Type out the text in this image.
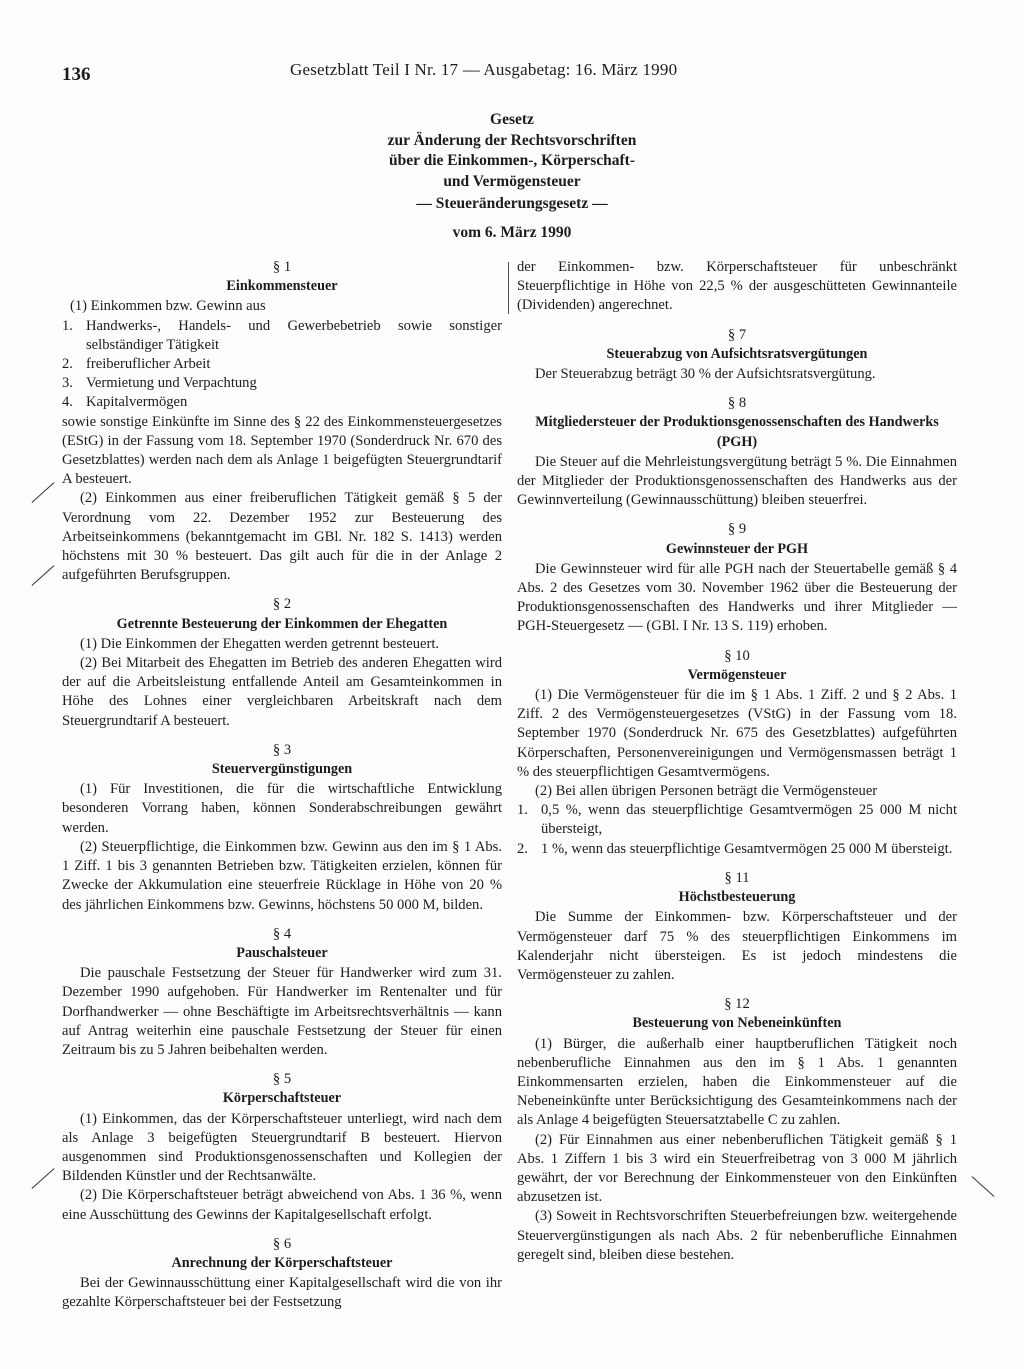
136	Gesetzblatt Teil I Nr. 17 — Ausgabetag: 16. März 1990
Gesetz
zur Änderung der Rechtsvorschriften
über die Einkommen-, Körperschaft-
und Vermögensteuer
— Steueränderungsgesetz —
vom 6. März 1990
§ 1
Einkommensteuer

(1) Einkommen bzw. Gewinn aus

1. Handwerks-, Handels- und Gewerbebetrieb sowie sonstiger selbständiger Tätigkeit
2. freiberuflicher Arbeit
3. Vermietung und Verpachtung
4. Kapitalvermögen

sowie sonstige Einkünfte im Sinne des § 22 des Einkommensteuergesetzes (EStG) in der Fassung vom 18. September 1970 (Sonderdruck Nr. 670 des Gesetzblattes) werden nach dem als Anlage 1 beigefügten Steuergrundtarif A besteuert.

(2) Einkommen aus einer freiberuflichen Tätigkeit gemäß § 5 der Verordnung vom 22. Dezember 1952 zur Besteuerung des Arbeitseinkommens (bekanntgemacht im GBl. Nr. 182 S. 1413) werden höchstens mit 30 % besteuert. Das gilt auch für die in der Anlage 2 aufgeführten Berufsgruppen.

§ 2
Getrennte Besteuerung der Einkommen der Ehegatten

(1) Die Einkommen der Ehegatten werden getrennt besteuert.

(2) Bei Mitarbeit des Ehegatten im Betrieb des anderen Ehegatten wird der auf die Arbeitsleistung entfallende Anteil am Gesamteinkommen in Höhe des Lohnes einer vergleichbaren Arbeitskraft nach dem Steuergrundtarif A besteuert.

§ 3
Steuervergünstigungen

(1) Für Investitionen, die für die wirtschaftliche Entwicklung besonderen Vorrang haben, können Sonderabschreibungen gewährt werden.

(2) Steuerpflichtige, die Einkommen bzw. Gewinn aus den im § 1 Abs. 1 Ziff. 1 bis 3 genannten Betrieben bzw. Tätigkeiten erzielen, können für Zwecke der Akkumulation eine steuerfreie Rücklage in Höhe von 20 % des jährlichen Einkommens bzw. Gewinns, höchstens 50 000 M, bilden.

§ 4
Pauschalsteuer

Die pauschale Festsetzung der Steuer für Handwerker wird zum 31. Dezember 1990 aufgehoben. Für Handwerker im Rentenalter und für Dorfhandwerker — ohne Beschäftigte im Arbeitsrechtsverhältnis — kann auf Antrag weiterhin eine pauschale Festsetzung der Steuer für einen Zeitraum bis zu 5 Jahren beibehalten werden.

§ 5
Körperschaftsteuer

(1) Einkommen, das der Körperschaftsteuer unterliegt, wird nach dem als Anlage 3 beigefügten Steuergrundtarif B besteuert. Hiervon ausgenommen sind Produktionsgenossenschaften und Kollegien der Bildenden Künstler und der Rechtsanwälte.

(2) Die Körperschaftsteuer beträgt abweichend von Abs. 1 36 %, wenn eine Ausschüttung des Gewinns der Kapitalgesellschaft erfolgt.

§ 6
Anrechnung der Körperschaftsteuer

Bei der Gewinnausschüttung einer Kapitalgesellschaft wird die von ihr gezahlte Körperschaftsteuer bei der Festsetzung

der Einkommen- bzw. Körperschaftsteuer für unbeschränkt Steuerpflichtige in Höhe von 22,5 % der ausgeschütteten Gewinnanteile (Dividenden) angerechnet.

§ 7
Steuerabzug von Aufsichtsratsvergütungen

Der Steuerabzug beträgt 30 % der Aufsichtsratsvergütung.

§ 8
Mitgliedersteuer der Produktionsgenossenschaften des Handwerks (PGH)

Die Steuer auf die Mehrleistungsvergütung beträgt 5 %. Die Einnahmen der Mitglieder der Produktionsgenossenschaften des Handwerks aus der Gewinnverteilung (Gewinnausschüttung) bleiben steuerfrei.

§ 9
Gewinnsteuer der PGH

Die Gewinnsteuer wird für alle PGH nach der Steuertabelle gemäß § 4 Abs. 2 des Gesetzes vom 30. November 1962 über die Besteuerung der Produktionsgenossenschaften des Handwerks und ihrer Mitglieder — PGH-Steuergesetz — (GBl. I Nr. 13 S. 119) erhoben.

§ 10
Vermögensteuer

(1) Die Vermögensteuer für die im § 1 Abs. 1 Ziff. 2 und § 2 Abs. 1 Ziff. 2 des Vermögensteuergesetzes (VStG) in der Fassung vom 18. September 1970 (Sonderdruck Nr. 675 des Gesetzblattes) aufgeführten Körperschaften, Personenvereinigungen und Vermögensmassen beträgt 1 % des steuerpflichtigen Gesamtvermögens.

(2) Bei allen übrigen Personen beträgt die Vermögensteuer

1. 0,5 %, wenn das steuerpflichtige Gesamtvermögen 25 000 M nicht übersteigt,
2. 1 %, wenn das steuerpflichtige Gesamtvermögen 25 000 M übersteigt.
§ 11
Höchstbesteuerung

Die Summe der Einkommen- bzw. Körperschaftsteuer und der Vermögensteuer darf 75 % des steuerpflichtigen Einkommens im Kalenderjahr nicht übersteigen. Es ist jedoch mindestens die Vermögensteuer zu zahlen.

§ 12
Besteuerung von Nebeneinkünften

(1) Bürger, die außerhalb einer hauptberuflichen Tätigkeit noch nebenberufliche Einnahmen aus den im § 1 Abs. 1 genannten Einkommensarten erzielen, haben die Einkommensteuer auf die Nebeneinkünfte unter Berücksichtigung des Gesamteinkommens nach der als Anlage 4 beigefügten Steuersatztabelle C zu zahlen.

(2) Für Einnahmen aus einer nebenberuflichen Tätigkeit gemäß § 1 Abs. 1 Ziffern 1 bis 3 wird ein Steuerfreibetrag von 3 000 M jährlich gewährt, der vor Berechnung der Einkommensteuer von den Einkünften abzusetzen ist.

(3) Soweit in Rechtsvorschriften Steuerbefreiungen bzw. weitergehende Steuervergünstigungen als nach Abs. 2 für nebenberufliche Einnahmen geregelt sind, bleiben diese bestehen.
